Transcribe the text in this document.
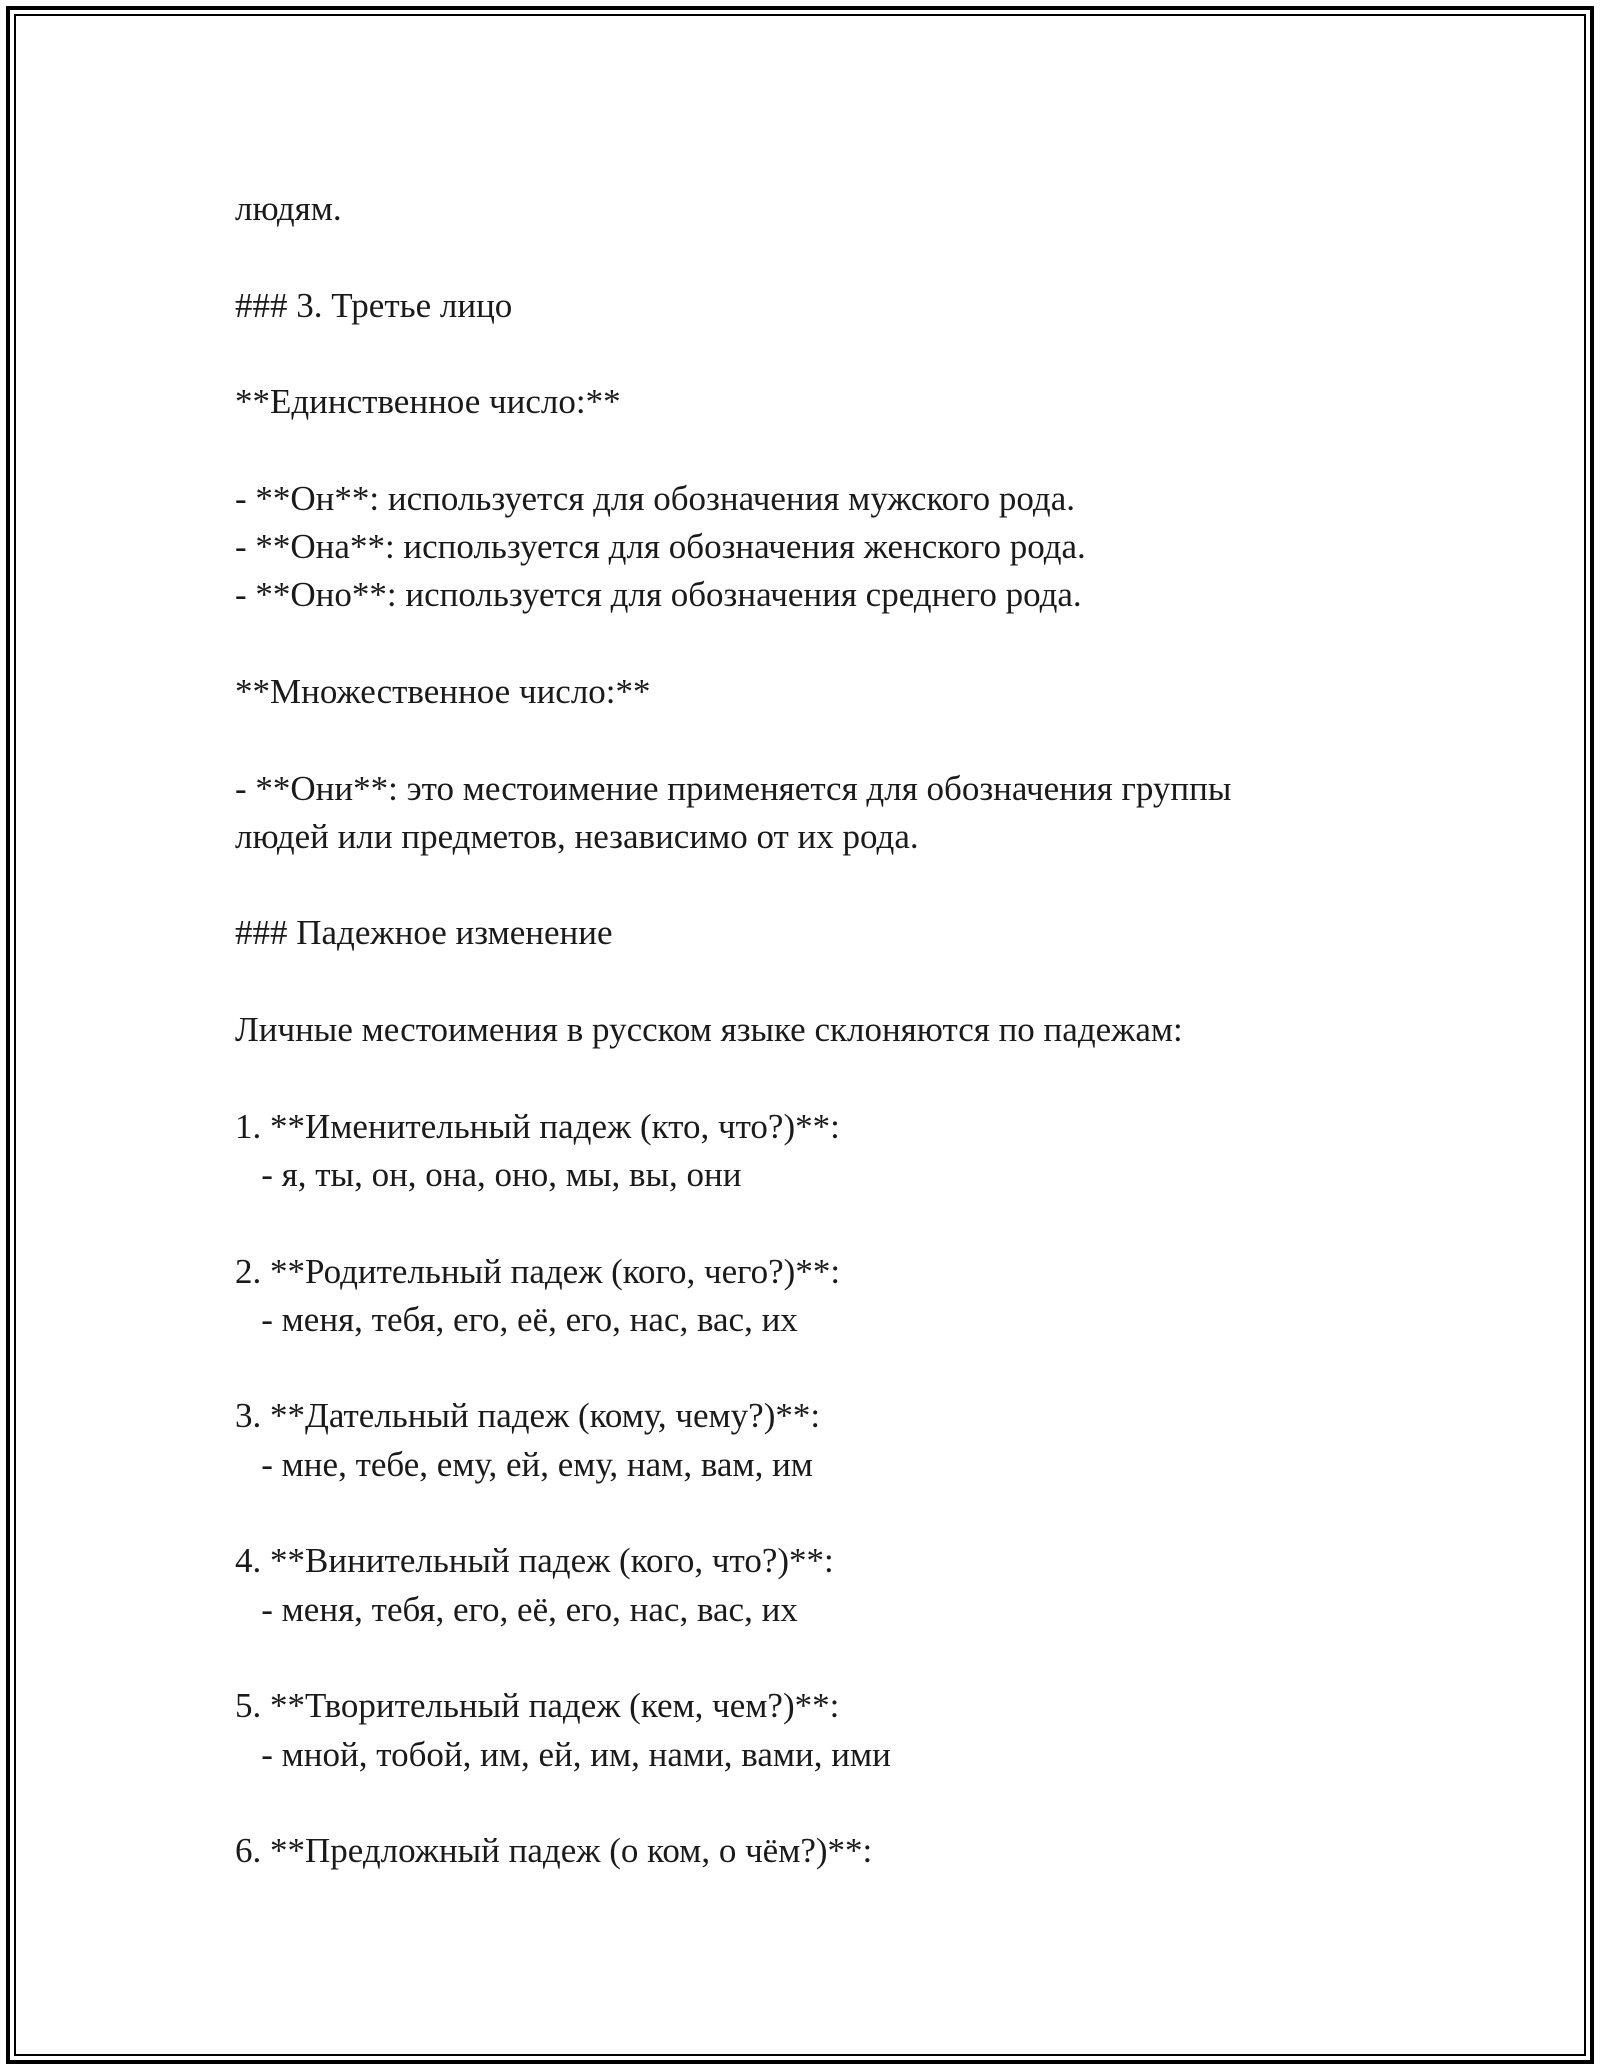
людям.

### 3. Третье лицо

**Единственное число:**

- **Он**: используется для обозначения мужского рода.

- **Она**: используется для обозначения женского рода.

- **Оно**: используется для обозначения среднего рода.

**Множественное число:**

- **Они**: это местоимение применяется для обозначения группы

людей или предметов, независимо от их рода.

### Падежное изменение

Личные местоимения в русском языке склоняются по падежам:

1. **Именительный падеж (кто, что?)**:

- я, ты, он, она, оно, мы, вы, они

2. **Родительный падеж (кого, чего?)**:

- меня, тебя, его, её, его, нас, вас, их

3. **Дательный падеж (кому, чему?)**:

- мне, тебе, ему, ей, ему, нам, вам, им

4. **Винительный падеж (кого, что?)**:

- меня, тебя, его, её, его, нас, вас, их

5. **Творительный падеж (кем, чем?)**:

- мной, тобой, им, ей, им, нами, вами, ими

6. **Предложный падеж (о ком, о чём?)**:
